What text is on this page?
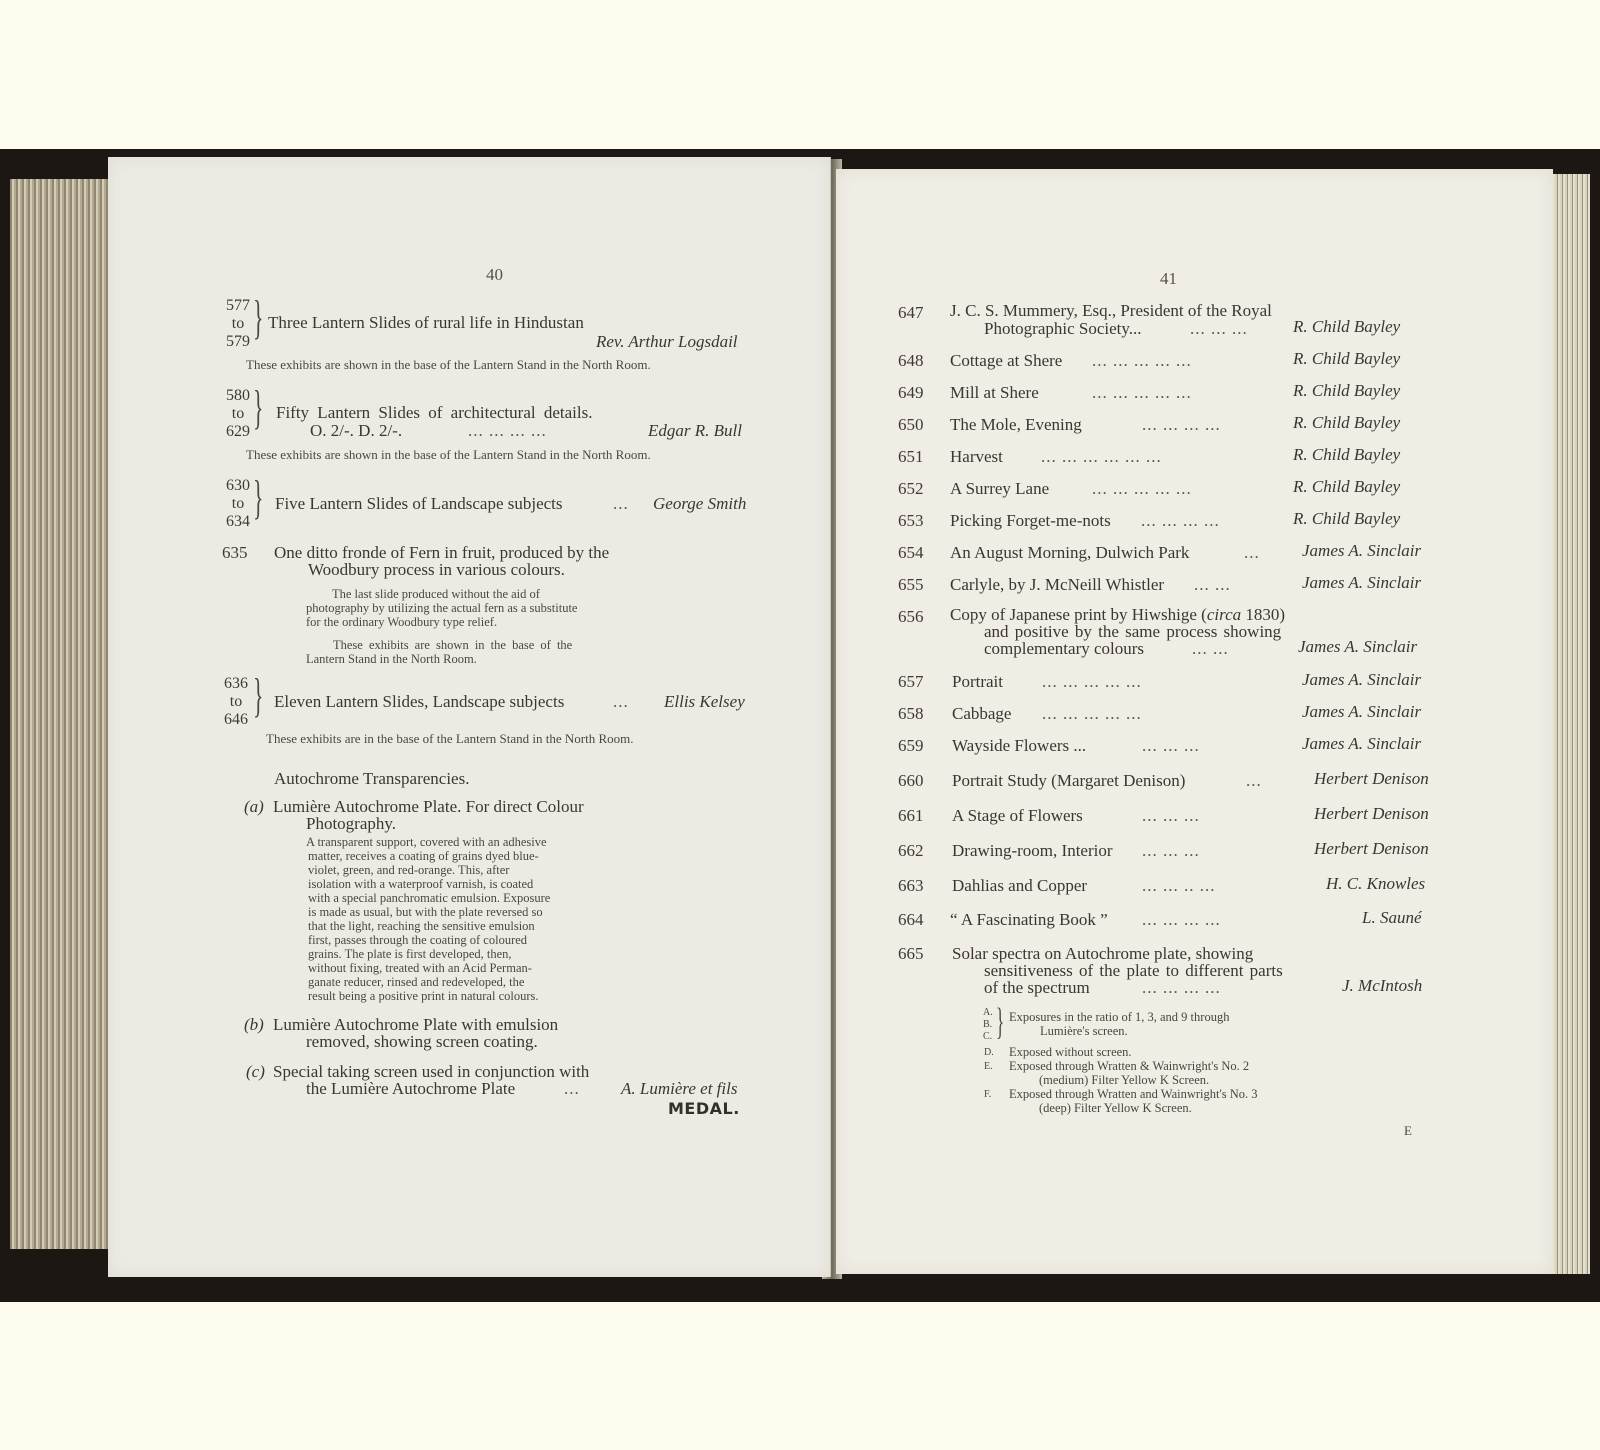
40
577
to
579 } Three Lantern Slides of rural life in Hindustan
Rev. Arthur Logsdail
These exhibits are shown in the base of the Lantern Stand in the North Room.
580
to
629 } Fifty Lantern Slides of architectural details.
O. 2/-. D. 2/-.	... ... ... ...	Edgar R. Bull
These exhibits are shown in the base of the Lantern Stand in the North Room.
630
to
634 } Five Lantern Slides of Landscape subjects	... George Smith
635 One ditto fronde of Fern in fruit, produced by the
Woodbury process in various colours.
The last slide produced without the aid of
photography by utilizing the actual fern as a substitute
for the ordinary Woodbury type relief.
These exhibits are shown in the base of the
Lantern Stand in the North Room.
636
to
646 } Eleven Lantern Slides, Landscape subjects	... Ellis Kelsey
These exhibits are in the base of the Lantern Stand in the North Room.
Autochrome Transparencies.
(a) Lumière Autochrome Plate. For direct Colour
Photography.
A transparent support, covered with an adhesive
matter, receives a coating of grains dyed blue-
violet, green, and red-orange. This, after
isolation with a waterproof varnish, is coated
with a special panchromatic emulsion. Exposure
is made as usual, but with the plate reversed so
that the light, reaching the sensitive emulsion
first, passes through the coating of coloured
grains. The plate is first developed, then,
without fixing, treated with an Acid Perman-
ganate reducer, rinsed and redeveloped, the
result being a positive print in natural colours.
(b) Lumière Autochrome Plate with emulsion
removed, showing screen coating.
(c) Special taking screen used in conjunction with
the Lumière Autochrome Plate	... A. Lumière et fils
MEDAL.
41
647 J. C. S. Mummery, Esq., President of the Royal
Photographic Society...	... ... ...	R. Child Bayley
648 Cottage at Shere ... ... ... ... ...	R. Child Bayley
649 Mill at Shere	... ... ... ... ...	R. Child Bayley
650 The Mole, Evening	... ... ... ...	R. Child Bayley
651 Harvest ... ... ... ... ... ...	R. Child Bayley
652 A Surrey Lane	... ... ... ... ...	R. Child Bayley
653 Picking Forget-me-nots ... ... ... ...	R. Child Bayley
654 An August Morning, Dulwich Park	... James A. Sinclair
655 Carlyle, by J. McNeill Whistler ... ...	James A. Sinclair
656 Copy of Japanese print by Hiwshige (circa 1830)
and positive by the same process showing
complementary colours	... ...	James A. Sinclair
657 Portrait ... ... ... ... ...	James A. Sinclair
658 Cabbage ... ... ... ... ...	James A. Sinclair
659 Wayside Flowers ...	... ... ...	James A. Sinclair
660 Portrait Study (Margaret Denison)	...	Herbert Denison
661 A Stage of Flowers	... ... ...	Herbert Denison
662 Drawing-room, Interior ... ... ...	Herbert Denison
663 Dahlias and Copper	... ... .. ...	H. C. Knowles
664 “ A Fascinating Book ” ... ... ... ...	L. Sauné
665 Solar spectra on Autochrome plate, showing
sensitiveness of the plate to different parts
of the spectrum	... ... ... ...	J. McIntosh
A.
B.
C. } Exposures in the ratio of 1, 3, and 9 through
Lumière's screen.
D. Exposed without screen.
E. Exposed through Wratten & Wainwright's No. 2
(medium) Filter Yellow K Screen.
F. Exposed through Wratten and Wainwright's No. 3
(deep) Filter Yellow K Screen.
E
